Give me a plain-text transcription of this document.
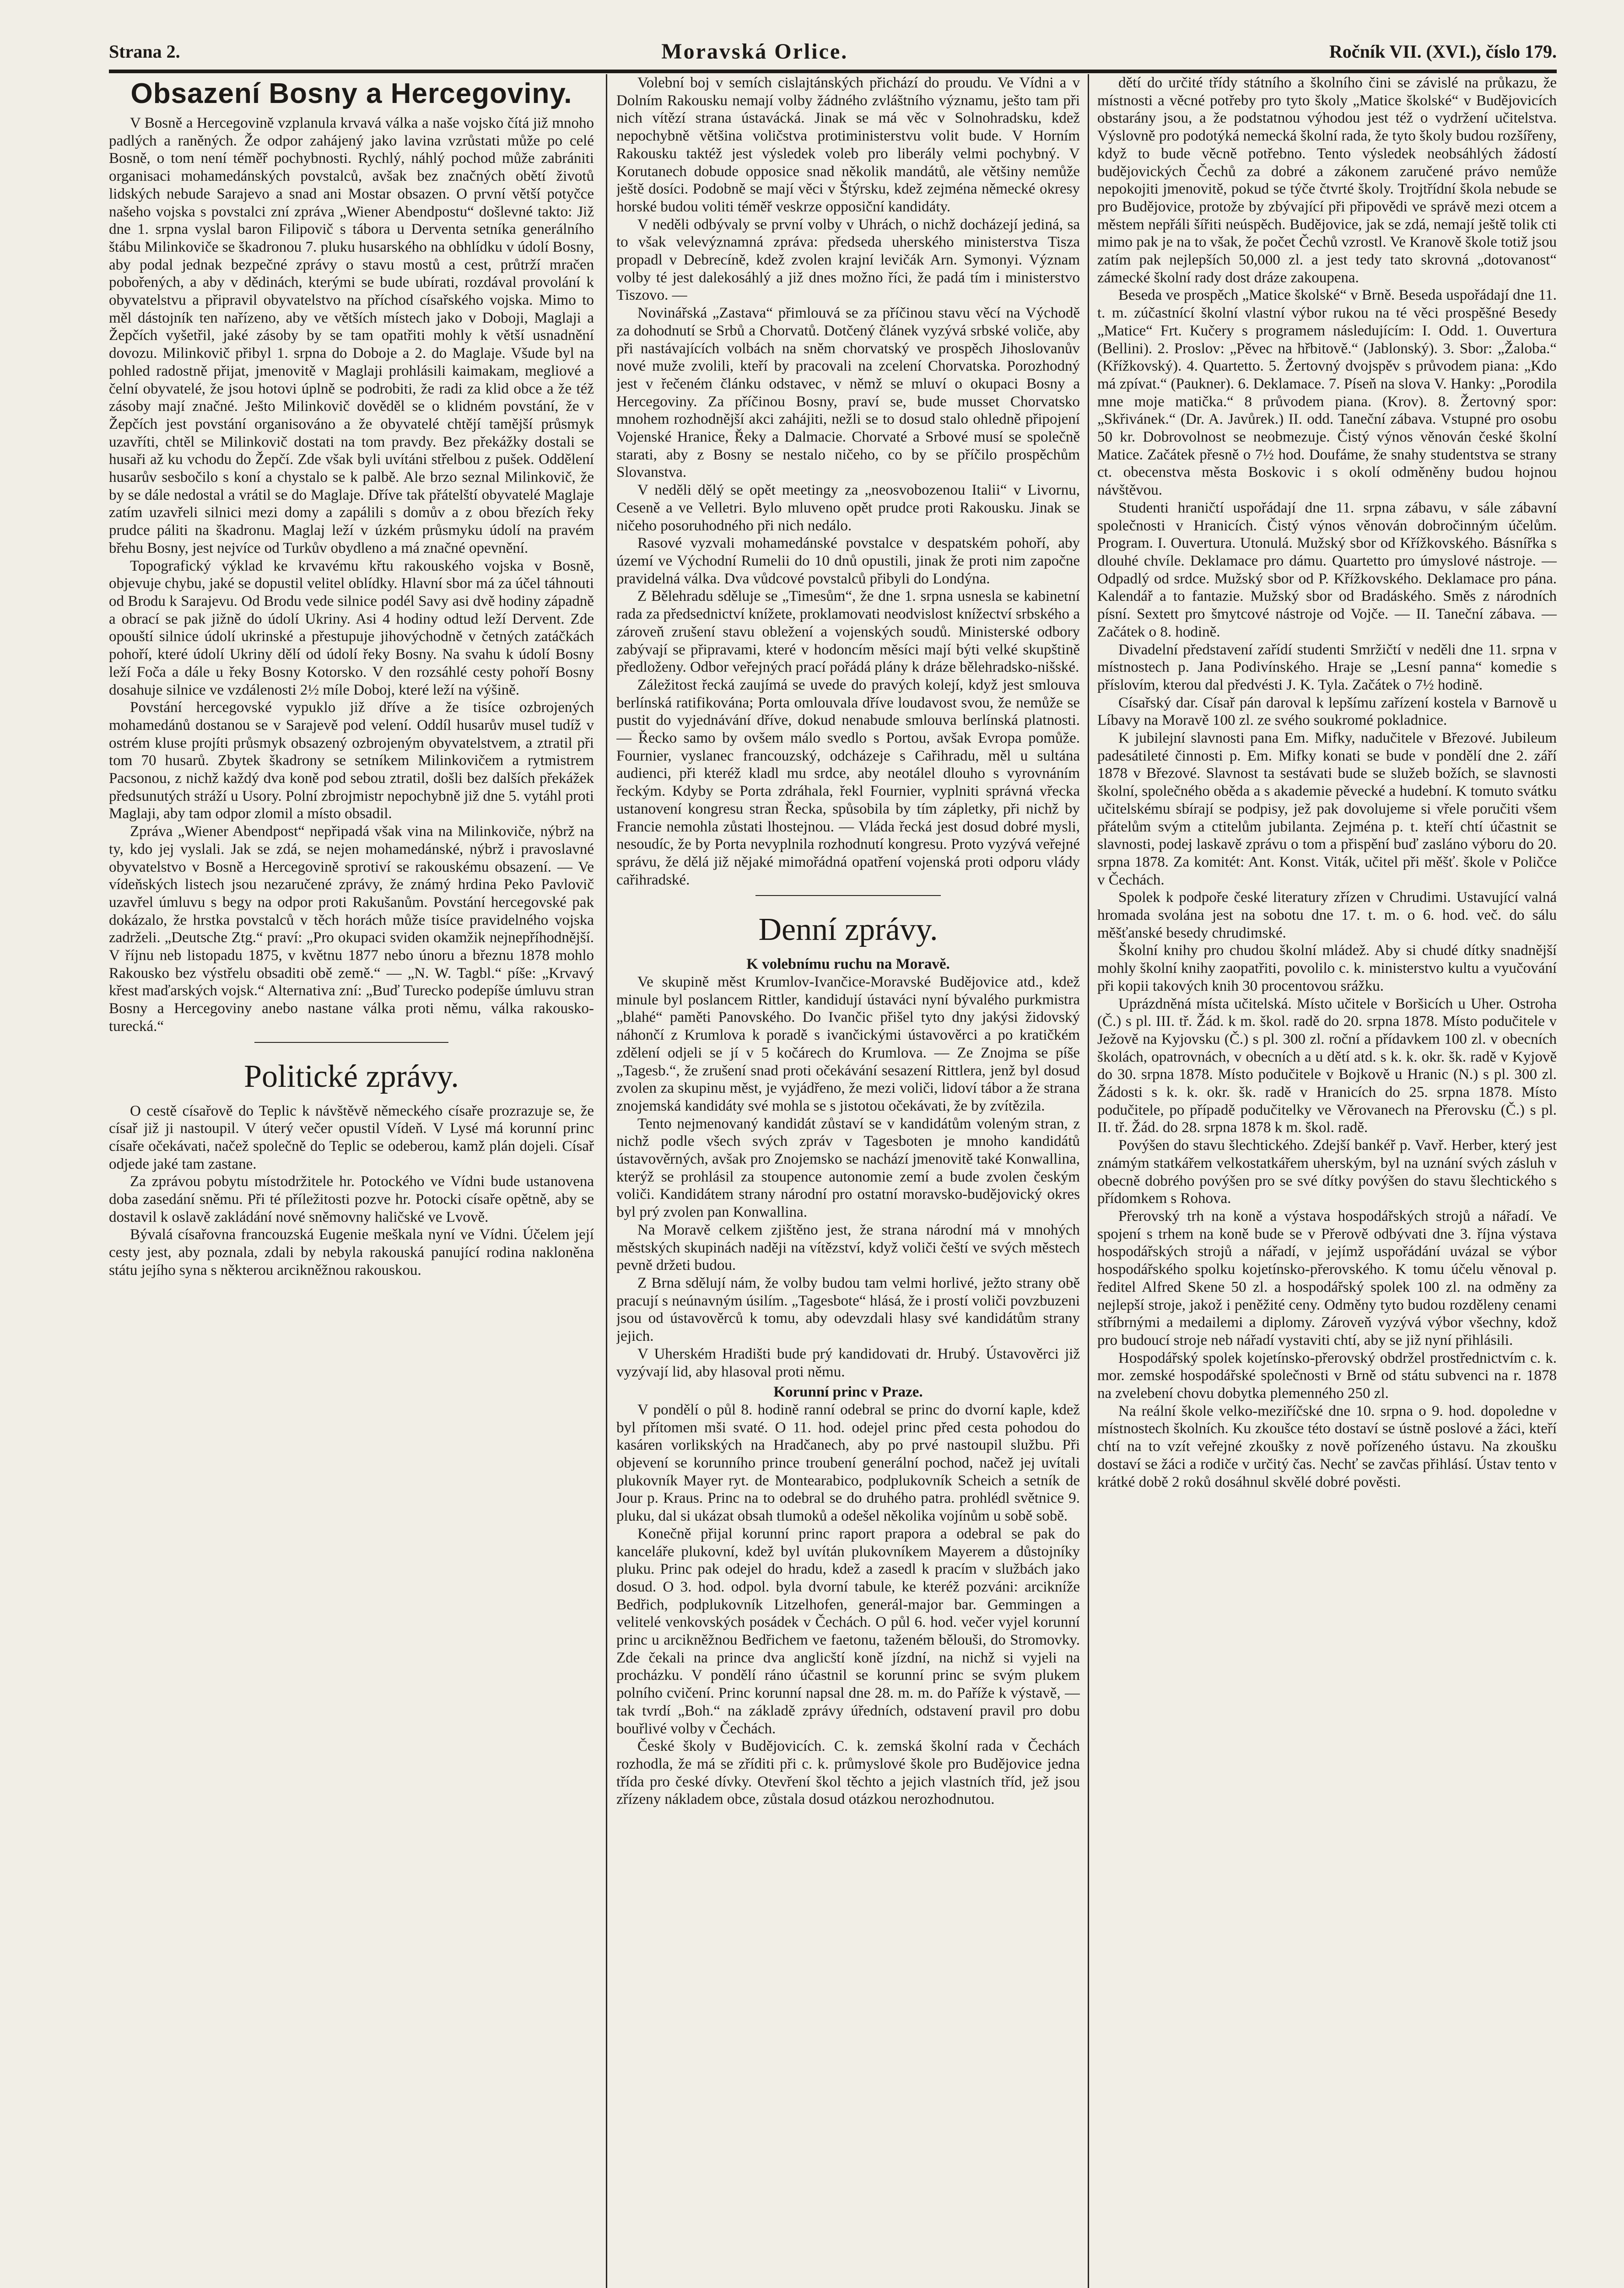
Strana 2.	Moravská Orlice.	Ročník VII. (XVI.), číslo 179.
Obsazení Bosny a Hercegoviny.

V Bosně a Hercegovině vzplanula krvavá válka a naše vojsko čítá již mnoho padlých a raněných. Že odpor zahájený jako lavina vzrůstati může po celé Bosně, o tom není téměř pochybnosti. Rychlý, náhlý pochod může zabrániti organisaci mohamedánských povstalců, avšak bez značných obětí životů lidských nebude Sarajevo a snad ani Mostar obsazen. O první větší potyčce našeho vojska s povstalci zní zpráva „Wiener Abendpostu“ došlevné takto: Již dne 1. srpna vyslal baron Filipovič s tábora u Derventa setníka generálního štábu Milinkoviče se škadronou 7. pluku husarského na obhlídku v údolí Bosny, aby podal jednak bezpečné zprávy o stavu mostů a cest, průtrží mračen pobořených, a aby v dědinách, kterými se bude ubírati, rozdával provolání k obyvatelstvu a připravil obyvatelstvo na příchod císařského vojska. Mimo to měl dástojník ten nařízeno, aby ve větších místech jako v Doboji, Maglaji a Žepčích vyšetřil, jaké zásoby by se tam opatřiti mohly k větší usnadnění dovozu. Milinkovič přibyl 1. srpna do Doboje a 2. do Maglaje. Všude byl na pohled radostně přijat, jmenovitě v Maglaji prohlásili kaimakam, megliové a čelní obyvatelé, že jsou hotovi úplně se podrobiti, že radi za klid obce a že též zásoby mají značné. Ješto Milinkovič dověděl se o klidném povstání, že v Žepčích jest povstání organisováno a že obyvatelé chtějí tamější průsmyk uzavříti, chtěl se Milinkovič dostati na tom pravdy. Bez překážky dostali se husaři až ku vchodu do Žepčí. Zde však byli uvítáni střelbou z pušek. Oddělení husarův sesbočilo s koní a chystalo se k palbě. Ale brzo seznal Milinkovič, že by se dále nedostal a vrátil se do Maglaje. Dříve tak přátelští obyvatelé Maglaje zatím uzavřeli silnici mezi domy a zapálili s domův a z obou březích řeky prudce páliti na škadronu. Maglaj leží v úzkém průsmyku údolí na pravém břehu Bosny, jest nejvíce od Turkův obydleno a má značné opevnění.

Topografický výklad ke krvavému křtu rakouského vojska v Bosně, objevuje chybu, jaké se dopustil velitel oblídky. Hlavní sbor má za účel táhnouti od Brodu k Sarajevu. Od Brodu vede silnice podél Savy asi dvě hodiny západně a obrací se pak jižně do údolí Ukriny. Asi 4 hodiny odtud leží Dervent. Zde opouští silnice údolí ukrinské a přestupuje jihovýchodně v četných zatáčkách pohoří, které údolí Ukriny dělí od údolí řeky Bosny. Na svahu k údolí Bosny leží Foča a dále u řeky Bosny Kotorsko. V den rozsáhlé cesty pohoří Bosny dosahuje silnice ve vzdálenosti 2½ míle Doboj, které leží na výšině.

Povstání hercegovské vypuklo již dříve a že tisíce ozbrojených mohamedánů dostanou se v Sarajevě pod velení. Oddíl husarův musel tudíž v ostrém kluse projíti průsmyk obsazený ozbrojeným obyvatelstvem, a ztratil při tom 70 husarů. Zbytek škadrony se setníkem Milinkovičem a rytmistrem Pacsonou, z nichž každý dva koně pod sebou ztratil, došli bez dalších překážek předsunutých stráží u Usory. Polní zbrojmistr nepochybně již dne 5. vytáhl proti Maglaji, aby tam odpor zlomil a místo obsadil.

Zpráva „Wiener Abendpost“ nepřipadá však vina na Milinkoviče, nýbrž na ty, kdo jej vyslali. Jak se zdá, se nejen mohamedánské, nýbrž i pravoslavné obyvatelstvo v Bosně a Hercegovině sprotiví se rakouskému obsazení. — Ve vídeňských listech jsou nezaručené zprávy, že známý hrdina Peko Pavlovič uzavřel úmluvu s begy na odpor proti Rakušanům. Povstání hercegovské pak dokázalo, že hrstka povstalců v těch horách může tisíce pravidelného vojska zadrželi. „Deutsche Ztg.“ praví: „Pro okupaci sviden okamžik nejnepříhodnější. V říjnu neb listopadu 1875, v květnu 1877 nebo únoru a březnu 1878 mohlo Rakousko bez výstřelu obsaditi obě země.“ — „N. W. Tagbl.“ píše: „Krvavý křest maďarských vojsk.“ Alternativa zní: „Buď Turecko podepíše úmluvu stran Bosny a Hercegoviny anebo nastane válka proti němu, válka rakousko-turecká.“

Politické zprávy.

O cestě císařově do Teplic k návštěvě německého císaře prozrazuje se, že císař již ji nastoupil. V úterý večer opustil Vídeň. V Lysé má korunní princ císaře očekávati, načež společně do Teplic se odeberou, kamž plán dojeli. Císař odjede jaké tam zastane.

Za zprávou pobytu místodržitele hr. Potockého ve Vídni bude ustanovena doba zasedání sněmu. Při té příležitosti pozve hr. Potocki císaře opětně, aby se dostavil k oslavě zakládání nové sněmovny haličské ve Lvově.

Bývalá císařovna francouzská Eugenie meškala nyní ve Vídni. Účelem její cesty jest, aby poznala, zdali by nebyla rakouská panující rodina nakloněna státu jejího syna s některou arcikněžnou rakouskou.

Volební boj v semích cislajtánských přichází do proudu. Ve Vídni a v Dolním Rakousku nemají volby žádného zvláštního významu, ješto tam při nich vítězí strana ústavácká. Jinak se má věc v Solnohradsku, kdež nepochybně většina voličstva protiministerstvu volit bude. V Horním Rakousku taktéž jest výsledek voleb pro liberály velmi pochybný. V Korutanech dobude opposice snad několik mandátů, ale většiny nemůže ještě dosíci. Podobně se mají věci v Štýrsku, kdež zejména německé okresy horské budou voliti téměř veskrze opposiční kandidáty.

V neděli odbývaly se první volby v Uhrách, o nichž docházejí jediná, sa to však velevýznamná zpráva: předseda uherského ministerstva Tisza propadl v Debrecíně, kdež zvolen krajní levičák Arn. Symonyi. Význam volby té jest dalekosáhlý a již dnes možno říci, že padá tím i ministerstvo Tiszovo. —

Novinářská „Zastava“ přimlouvá se za příčinou stavu věcí na Východě za dohodnutí se Srbů a Chorvatů. Dotčený článek vyzývá srbské voliče, aby při nastávajících volbách na sněm chorvatský ve prospěch Jihoslovanův nové muže zvolili, kteří by pracovali na zcelení Chorvatska. Porozhodný jest v řečeném článku odstavec, v němž se mluví o okupaci Bosny a Hercegoviny. Za příčinou Bosny, praví se, bude musset Chorvatsko mnohem rozhodnější akci zahájiti, nežli se to dosud stalo ohledně připojení Vojenské Hranice, Řeky a Dalmacie. Chorvaté a Srbové musí se společně starati, aby z Bosny se nestalo ničeho, co by se příčilo prospěchům Slovanstva.

V neděli dělý se opět meetingy za „neosvobozenou Italii“ v Livornu, Ceseně a ve Velletri. Bylo mluveno opět prudce proti Rakousku. Jinak se ničeho posoruhodného při nich nedálo.

Rasové vyzvali mohamedánské povstalce v despatském pohoří, aby území ve Východní Rumelii do 10 dnů opustili, jinak že proti nim započne pravidelná válka. Dva vůdcové povstalců přibyli do Londýna.

Z Bělehradu sděluje se „Timesům“, že dne 1. srpna usnesla se kabinetní rada za předsednictví knížete, proklamovati neodvislost knížectví srbského a zároveň zrušení stavu obležení a vojenských soudů. Ministerské odbory zabývají se připravami, které v hodoncím měsíci mají býti velké skupštině předloženy. Odbor veřejných prací pořádá plány k dráze bělehradsko-nišské.

Záležitost řecká zaujímá se uvede do pravých kolejí, když jest smlouva berlínská ratifikována; Porta omlouvala dříve loudavost svou, že nemůže se pustit do vyjednávání dříve, dokud nenabude smlouva berlínská platnosti. — Řecko samo by ovšem málo svedlo s Portou, avšak Evropa pomůže. Fournier, vyslanec francouzský, odcházeje s Cařihradu, měl u sultána audienci, při kteréž kladl mu srdce, aby neotálel dlouho s vyrovnáním řeckým. Kdyby se Porta zdráhala, řekl Fournier, vyplniti správná vřecka ustanovení kongresu stran Řecka, spůsobila by tím zápletky, při nichž by Francie nemohla zůstati lhostejnou. — Vláda řecká jest dosud dobré mysli, nesoudíc, že by Porta nevyplnila rozhodnutí kongresu. Proto vyzývá veřejné správu, že dělá již nějaké mimořádná opatření vojenská proti odporu vlády cařihradské.

Denní zprávy.

K volebnímu ruchu na Moravě.

Ve skupině měst Krumlov-Ivančice-Moravské Budějovice atd., kdež minule byl poslancem Rittler, kandidují ústaváci nyní bývalého purkmistra „blahé“ paměti Panovského. Do Ivančic přišel tyto dny jakýsi židovský náhončí z Krumlova k poradě s ivančickými ústavověrci a po kratičkém zdělení odjeli se jí v 5 kočárech do Krumlova. — Ze Znojma se píše „Tagesb.“, že zrušení snad proti očekávání sesazení Rittlera, jenž byl dosud zvolen za skupinu měst, je vyjádřeno, že mezi voliči, lidoví tábor a že strana znojemská kandidáty své mohla se s jistotou očekávati, že by zvítězila.

Tento nejmenovaný kandidát zůstaví se v kandidátům voleným stran, z nichž podle všech svých zpráv v Tagesboten je mnoho kandidátů ústavověrných, avšak pro Znojemsko se nachází jmenovitě také Konwallina, kterýž se prohlásil za stoupence autonomie zemí a bude zvolen českým voliči. Kandidátem strany národní pro ostatní moravsko-budějovický okres byl prý zvolen pan Konwallina.

Na Moravě celkem zjištěno jest, že strana národní má v mnohých městských skupinách naději na vítězství, když voliči čeští ve svých městech pevně držeti budou.

Z Brna sdělují nám, že volby budou tam velmi horlivé, ježto strany obě pracují s neúnavným úsilím. „Tagesbote“ hlásá, že i prostí voliči povzbuzeni jsou od ústavověrců k tomu, aby odevzdali hlasy své kandidátům strany jejich.

V Uherském Hradišti bude prý kandidovati dr. Hrubý. Ústavověrci již vyzývají lid, aby hlasoval proti němu.

Korunní princ v Praze.

V pondělí o půl 8. hodině ranní odebral se princ do dvorní kaple, kdež byl přítomen mši svaté. O 11. hod. odejel princ před cesta pohodou do kasáren vorlikských na Hradčanech, aby po prvé nastoupil službu. Při objevení se korunního prince troubení generální pochod, načež jej uvítali plukovník Mayer ryt. de Montearabico, podplukovník Scheich a setník de Jour p. Kraus. Princ na to odebral se do druhého patra. prohlédl světnice 9. pluku, dal si ukázat obsah tlumoků a odešel několika vojínům u sobě sobě.

Konečně přijal korunní princ raport prapora a odebral se pak do kanceláře plukovní, kdež byl uvítán plukovníkem Mayerem a důstojníky pluku. Princ pak odejel do hradu, kdež a zasedl k pracím v službách jako dosud. O 3. hod. odpol. byla dvorní tabule, ke kteréž pozváni: arcikníže Bedřich, podplukovník Litzelhofen, generál-major bar. Gemmingen a velitelé venkovských posádek v Čechách. O půl 6. hod. večer vyjel korunní princ u arcikněžnou Bedřichem ve faetonu, taženém bělouši, do Stromovky. Zde čekali na prince dva anglicští koně jízdní, na nichž si vyjeli na procházku. V pondělí ráno účastnil se korunní princ se svým plukem polního cvičení. Princ korunní napsal dne 28. m. m. do Paříže k výstavě, — tak tvrdí „Boh.“ na základě zprávy úředních, odstavení pravil pro dobu bouřlivé volby v Čechách.

České školy v Budějovicích. C. k. zemská školní rada v Čechách rozhodla, že má se zříditi při c. k. průmyslové škole pro Budějovice jedna třída pro české dívky. Otevření škol těchto a jejich vlastních tříd, jež jsou zřízeny nákladem obce, zůstala dosud otázkou nerozhodnutou.

dětí do určité třídy státního a školního čini se závislé na průkazu, že místnosti a věcné potřeby pro tyto školy „Matice školské“ v Budějovicích obstarány jsou, a že podstatnou výhodou jest též o vydržení učitelstva. Výslovně pro podotýká nemecká školní rada, že tyto školy budou rozšířeny, když to bude věcně potřebno. Tento výsledek neobsáhlých žádostí budějovických Čechů za dobré a zákonem zaručené právo nemůže nepokojiti jmenovitě, pokud se týče čtvrté školy. Trojtřídní škola nebude se pro Budějovice, protože by zbývající při připovědi ve správě mezi otcem a městem nepřáli šířiti neúspěch. Budějovice, jak se zdá, nemají ještě tolik cti mimo pak je na to však, že počet Čechů vzrostl. Ve Kranově škole totiž jsou zatím pak nejlepších 50,000 zl. a jest tedy tato skrovná „dotovanost“ zámecké školní rady dost dráze zakoupena.

Beseda ve prospěch „Matice školské“ v Brně. Beseda uspořádají dne 11. t. m. zúčastnící školní vlastní výbor rukou na té věci prospěšné Besedy „Matice“ Frt. Kučery s programem následujícím: I. Odd. 1. Ouvertura (Bellini). 2. Proslov: „Pěvec na hřbitově.“ (Jablonský). 3. Sbor: „Žaloba.“ (Křížkovský). 4. Quartetto. 5. Žertovný dvojspěv s průvodem piana: „Kdo má zpívat.“ (Paukner). 6. Deklamace. 7. Píseň na slova V. Hanky: „Porodila mne moje matička.“ 8 průvodem piana. (Krov). 8. Žertovný spor: „Skřivánek.“ (Dr. A. Javůrek.) II. odd. Taneční zábava. Vstupné pro osobu 50 kr. Dobrovolnost se neobmezuje. Čistý výnos věnován české školní Matice. Začátek přesně o 7½ hod. Doufáme, že snahy studentstva se strany ct. obecenstva města Boskovic i s okolí odměněny budou hojnou návštěvou.

Studenti hraničtí uspořádají dne 11. srpna zábavu, v sále zábavní společnosti v Hranicích. Čistý výnos věnován dobročinným účelům. Program. I. Ouvertura. Utonulá. Mužský sbor od Křížkovského. Básnířka s dlouhé chvíle. Deklamace pro dámu. Quartetto pro úmyslové nástroje. — Odpadlý od srdce. Mužský sbor od P. Křížkovského. Deklamace pro pána. Kalendář a to fantazie. Mužský sbor od Bradáského. Směs z národních písní. Sextett pro šmytcové nástroje od Vojče. — II. Taneční zábava. — Začátek o 8. hodině.

Divadelní představení zařídí studenti Smržičtí v neděli dne 11. srpna v místnostech p. Jana Podivínského. Hraje se „Lesní panna“ komedie s příslovím, kterou dal předvésti J. K. Tyla. Začátek o 7½ hodině.

Císařský dar. Císař pán daroval k lepšímu zařízení kostela v Barnově u Líbavy na Moravě 100 zl. ze svého soukromé pokladnice.

K jubilejní slavnosti pana Em. Mifky, nadučitele v Březové. Jubileum padesátileté činnosti p. Em. Mifky konati se bude v pondělí dne 2. září 1878 v Březové. Slavnost ta sestávati bude se služeb božích, se slavnosti školní, společného oběda a s akademie pěvecké a hudební. K tomuto svátku učitelskému sbírají se podpisy, jež pak dovolujeme si vřele poručiti všem přátelům svým a ctitelům jubilanta. Zejména p. t. kteří chtí účastnit se slavnosti, podej laskavě zprávu o tom a přispění buď zasláno výboru do 20. srpna 1878. Za komitét: Ant. Konst. Viták, učitel při měšť. škole v Poličce v Čechách.

Spolek k podpoře české literatury zřízen v Chrudimi. Ustavující valná hromada svolána jest na sobotu dne 17. t. m. o 6. hod. več. do sálu měšťanské besedy chrudimské.

Školní knihy pro chudou školní mládež. Aby si chudé dítky snadnější mohly školní knihy zaopatřiti, povolilo c. k. ministerstvo kultu a vyučování při kopii takových knih 30 procentovou srážku.

Uprázdněná místa učitelská. Místo učitele v Boršicích u Uher. Ostroha (Č.) s pl. III. tř. Žád. k m. škol. radě do 20. srpna 1878. Místo podučitele v Ježově na Kyjovsku (Č.) s pl. 300 zl. roční a přídavkem 100 zl. v obecních školách, opatrovnách, v obecních a u dětí atd. s k. k. okr. šk. radě v Kyjově do 30. srpna 1878. Místo podučitele v Bojkově u Hranic (N.) s pl. 300 zl. Žádosti s k. k. okr. šk. radě v Hranicích do 25. srpna 1878. Místo podučitele, po případě podučitelky ve Věrovanech na Přerovsku (Č.) s pl. II. tř. Žád. do 28. srpna 1878 k m. škol. radě.

Povýšen do stavu šlechtického. Zdejší bankéř p. Vavř. Herber, který jest známým statkářem velkostatkářem uherským, byl na uznání svých zásluh v obecně dobrého povýšen pro se své dítky povýšen do stavu šlechtického s přídomkem s Rohova.

Přerovský trh na koně a výstava hospodářských strojů a nářadí. Ve spojení s trhem na koně bude se v Přerově odbývati dne 3. října výstava hospodářských strojů a nářadí, v jejímž uspořádání uvázal se výbor hospodářského spolku kojetínsko-přerovského. K tomu účelu věnoval p. ředitel Alfred Skene 50 zl. a hospodářský spolek 100 zl. na odměny za nejlepší stroje, jakož i peněžité ceny. Odměny tyto budou rozděleny cenami stříbrnými a medailemi a diplomy. Zároveň vyzývá výbor všechny, kdož pro budoucí stroje neb nářadí vystaviti chtí, aby se již nyní přihlásili.

Hospodářský spolek kojetínsko-přerovský obdržel prostřednictvím c. k. mor. zemské hospodářské společnosti v Brně od státu subvenci na r. 1878 na zvelebení chovu dobytka plemenného 250 zl.

Na reální škole velko-meziříčské dne 10. srpna o 9. hod. dopoledne v místnostech školních. Ku zkoušce této dostaví se ústně poslové a žáci, kteří chtí na to vzít veřejné zkoušky z nově pořízeného ústavu. Na zkoušku dostaví se žáci a rodiče v určitý čas. Nechť se zavčas přihlásí. Ústav tento v krátké době 2 roků dosáhnul skvělé dobré pověsti.
